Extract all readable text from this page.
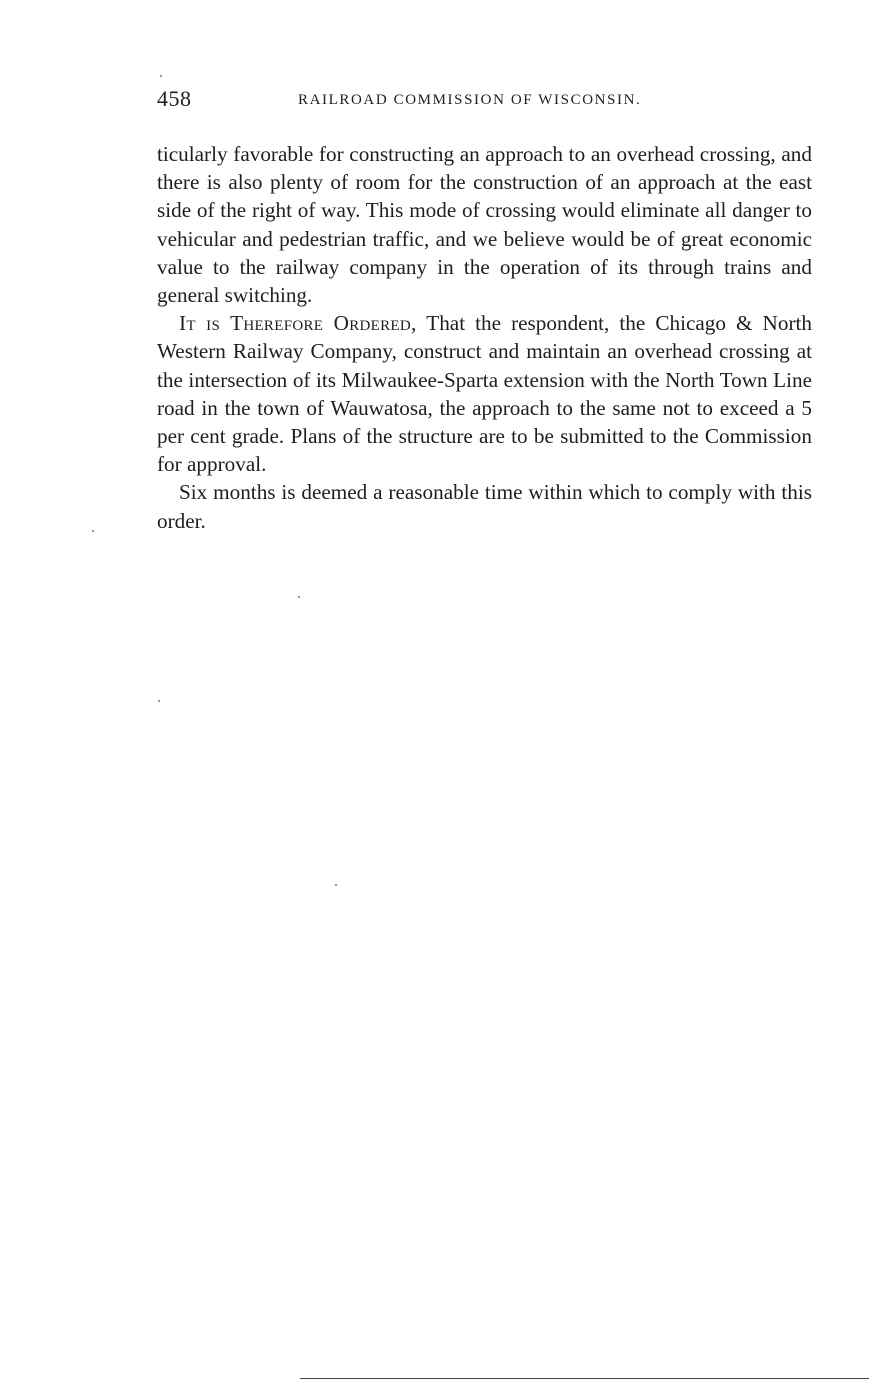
458	RAILROAD COMMISSION OF WISCONSIN.

ticularly favorable for constructing an approach to an overhead crossing, and there is also plenty of room for the construction of an approach at the east side of the right of way. This mode of crossing would eliminate all danger to vehicular and pedestrian traffic, and we believe would be of great economic value to the railway company in the operation of its through trains and general switching.

It is Therefore Ordered, That the respondent, the Chicago & North Western Railway Company, construct and maintain an overhead crossing at the intersection of its Milwaukee-Sparta extension with the North Town Line road in the town of Wauwatosa, the approach to the same not to exceed a 5 per cent grade. Plans of the structure are to be submitted to the Commission for approval.

Six months is deemed a reasonable time within which to comply with this order.
